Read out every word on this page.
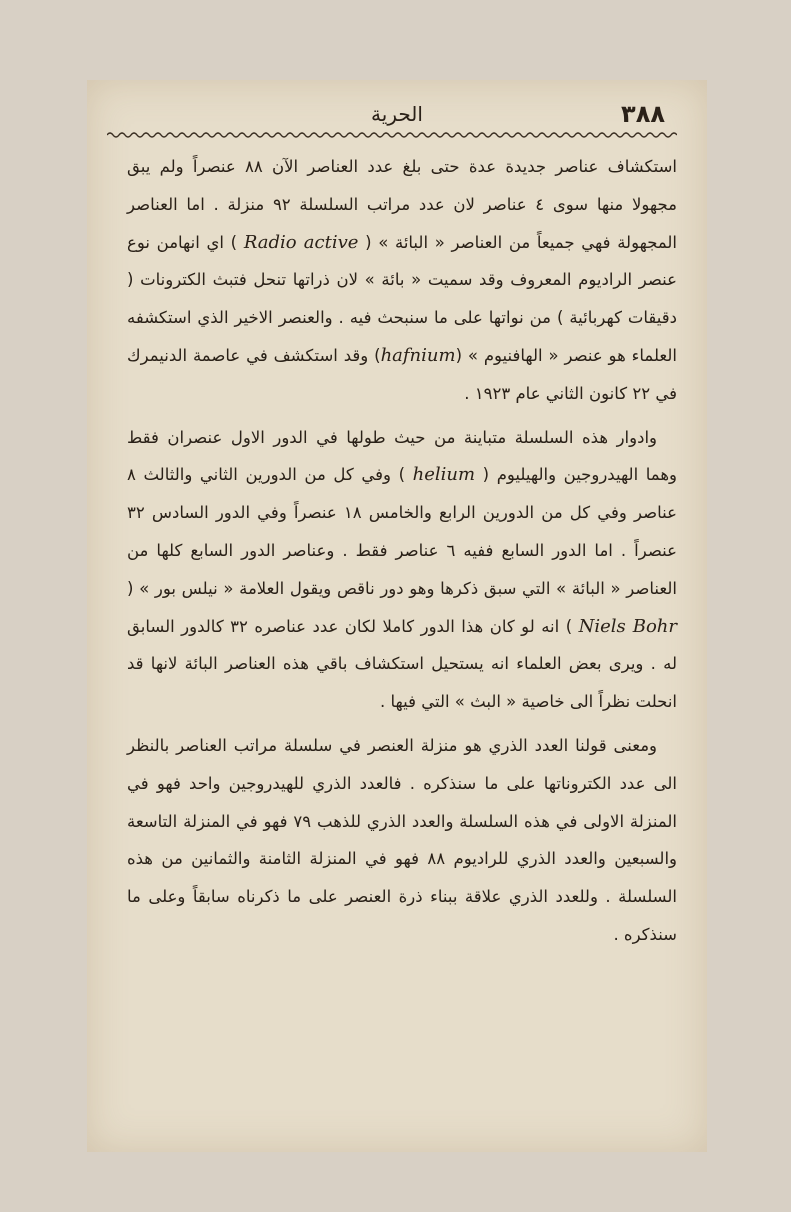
٣٨٨
الحرية

استكشاف عناصر جديدة عدة حتى بلغ عدد العناصر الآن ٨٨ عنصراً ولم يبق مجهولا منها سوى ٤ عناصر لان عدد مراتب السلسلة ٩٢ منزلة . اما العناصر المجهولة فهي جميعاً من العناصر « البائة » ( Radio active ) اي انهامن نوع عنصر الراديوم المعروف وقد سميت « بائة » لان ذراتها تنحل فتبث الكترونات ( دقيقات كهربائية ) من نواتها على ما سنبحث فيه . والعنصر الاخير الذي استكشفه العلماء هو عنصر « الهافنيوم » (hafnium) وقد استكشف في عاصمة الدنيمرك في ٢٢ كانون الثاني عام ١٩٢٣ .

وادوار هذه السلسلة متباينة من حيث طولها في الدور الاول عنصران فقط وهما الهيدروجين والهيليوم ( helium ) وفي كل من الدورين الثاني والثالث ٨ عناصر وفي كل من الدورين الرابع والخامس ١٨ عنصراً وفي الدور السادس ٣٢ عنصراً . اما الدور السابع ففيه ٦ عناصر فقط . وعناصر الدور السابع كلها من العناصر « البائة » التي سبق ذكرها وهو دور ناقص ويقول العلامة « نيلس بور » ( Niels Bohr ) انه لو كان هذا الدور كاملا لكان عدد عناصره ٣٢ كالدور السابق له . ويرى بعض العلماء انه يستحيل استكشاف باقي هذه العناصر البائة لانها قد انحلت نظراً الى خاصية « البث » التي فيها .

ومعنى قولنا العدد الذري هو منزلة العنصر في سلسلة مراتب العناصر بالنظر الى عدد الكتروناتها على ما سنذكره . فالعدد الذري للهيدروجين واحد فهو في المنزلة الاولى في هذه السلسلة والعدد الذري للذهب ٧٩ فهو في المنزلة التاسعة والسبعين والعدد الذري للراديوم ٨٨ فهو في المنزلة الثامنة والثمانين من هذه السلسلة . وللعدد الذري علاقة ببناء ذرة العنصر على ما ذكرناه سابقاً وعلى ما سنذكره .
